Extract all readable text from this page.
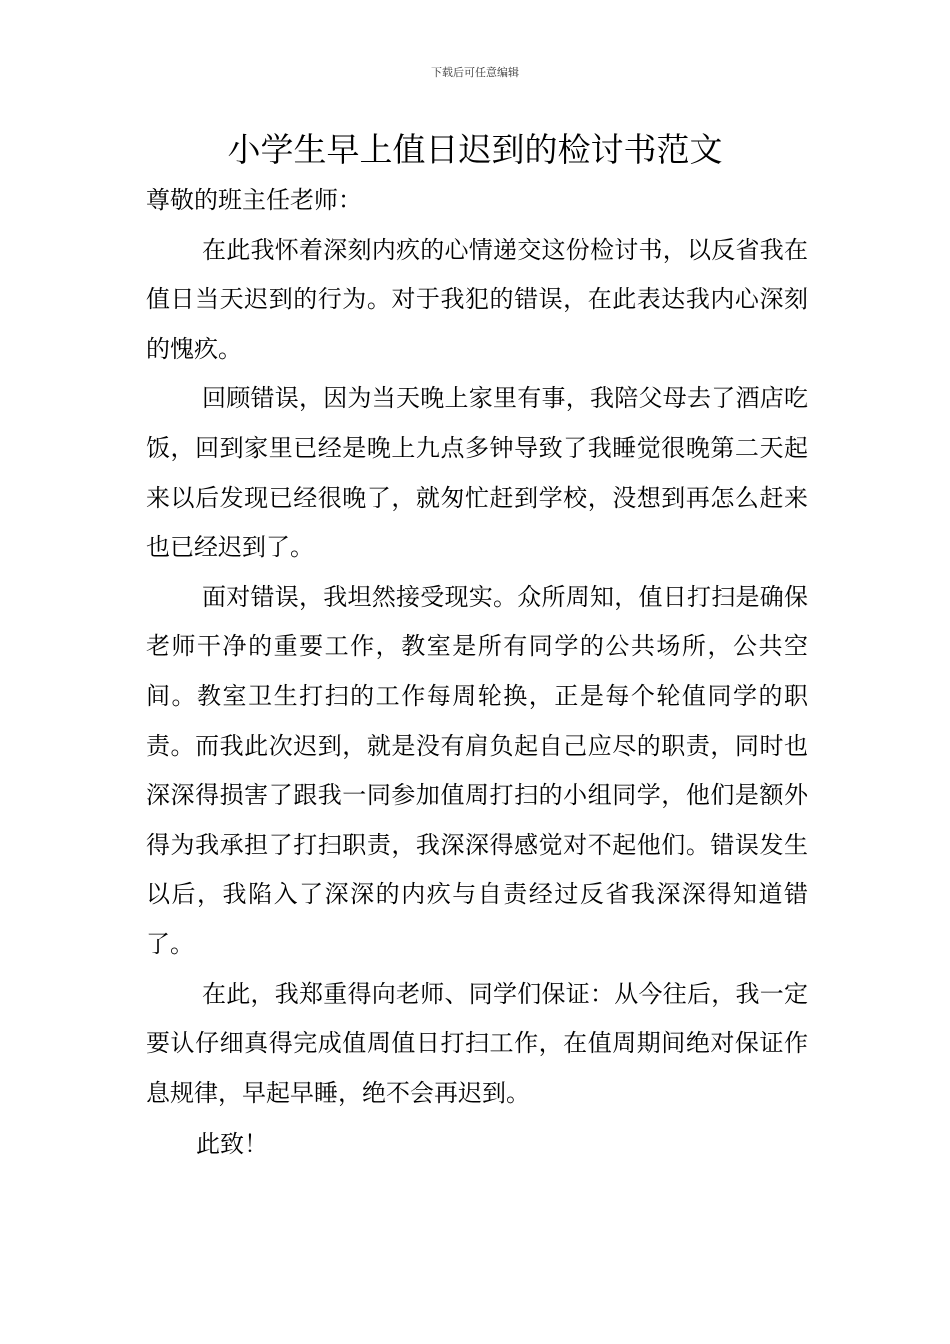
下载后可任意编辑
小学生早上值日迟到的检讨书范文

尊敬的班主任老师：

在此我怀着深刻内疚的心情递交这份检讨书，以反省我在值日当天迟到的行为。对于我犯的错误，在此表达我内心深刻的愧疚。

回顾错误，因为当天晚上家里有事，我陪父母去了酒店吃饭，回到家里已经是晚上九点多钟导致了我睡觉很晚第二天起来以后发现已经很晚了，就匆忙赶到学校，没想到再怎么赶来也已经迟到了。

面对错误，我坦然接受现实。众所周知，值日打扫是确保老师干净的重要工作，教室是所有同学的公共场所，公共空间。教室卫生打扫的工作每周轮换，正是每个轮值同学的职责。而我此次迟到，就是没有肩负起自己应尽的职责，同时也深深得损害了跟我一同参加值周打扫的小组同学，他们是额外得为我承担了打扫职责，我深深得感觉对不起他们。错误发生以后，我陷入了深深的内疚与自责经过反省我深深得知道错了。

在此，我郑重得向老师、同学们保证：从今往后，我一定要认仔细真得完成值周值日打扫工作，在值周期间绝对保证作息规律，早起早睡，绝不会再迟到。

此致！
